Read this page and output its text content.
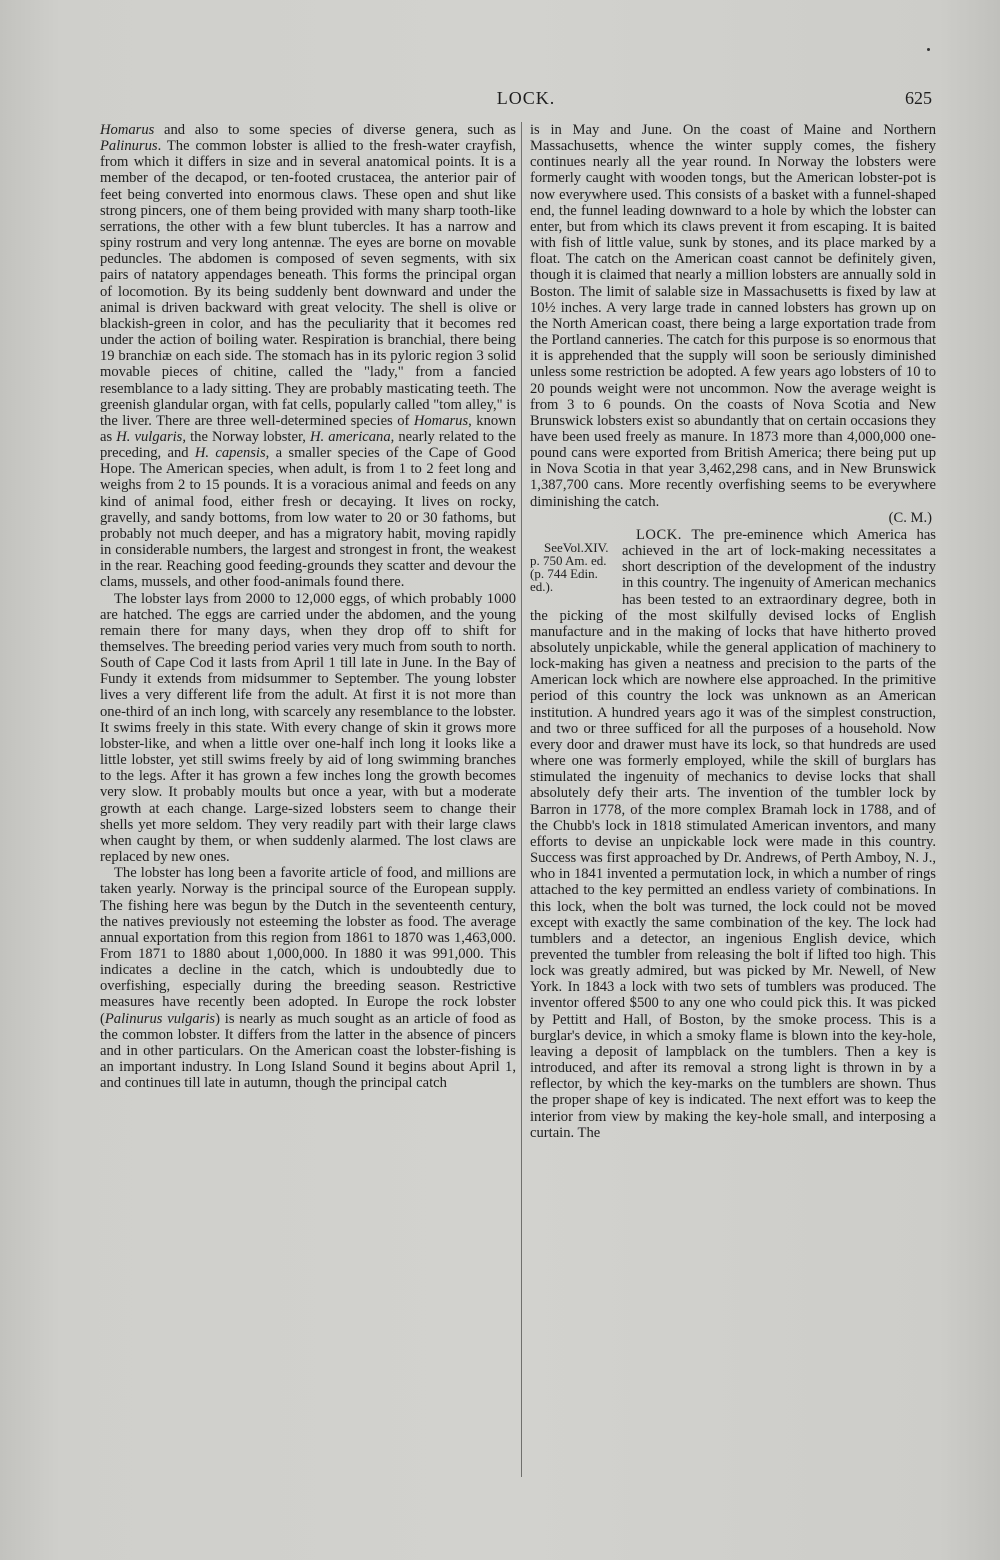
LOCK.	625

Homarus and also to some species of diverse genera, such as Palinurus. The common lobster is allied to the fresh-water crayfish, from which it differs in size and in several anatomical points. It is a member of the decapod, or ten-footed crustacea, the anterior pair of feet being converted into enormous claws. These open and shut like strong pincers, one of them being provided with many sharp tooth-like serrations, the other with a few blunt tubercles. It has a narrow and spiny rostrum and very long antennæ. The eyes are borne on movable peduncles. The abdomen is composed of seven segments, with six pairs of natatory appendages beneath. This forms the principal organ of locomotion. By its being suddenly bent downward and under the animal is driven backward with great velocity. The shell is olive or blackish-green in color, and has the peculiarity that it becomes red under the action of boiling water. Respiration is branchial, there being 19 branchiæ on each side. The stomach has in its pyloric region 3 solid movable pieces of chitine, called the "lady," from a fancied resemblance to a lady sitting. They are probably masticating teeth. The greenish glandular organ, with fat cells, popularly called "tom alley," is the liver. There are three well-determined species of Homarus, known as H. vulgaris, the Norway lobster, H. americana, nearly related to the preceding, and H. capensis, a smaller species of the Cape of Good Hope. The American species, when adult, is from 1 to 2 feet long and weighs from 2 to 15 pounds. It is a voracious animal and feeds on any kind of animal food, either fresh or decaying. It lives on rocky, gravelly, and sandy bottoms, from low water to 20 or 30 fathoms, but probably not much deeper, and has a migratory habit, moving rapidly in considerable numbers, the largest and strongest in front, the weakest in the rear. Reaching good feeding-grounds they scatter and devour the clams, mussels, and other food-animals found there.

The lobster lays from 2000 to 12,000 eggs, of which probably 1000 are hatched. The eggs are carried under the abdomen, and the young remain there for many days, when they drop off to shift for themselves. The breeding period varies very much from south to north. South of Cape Cod it lasts from April 1 till late in June. In the Bay of Fundy it extends from midsummer to September. The young lobster lives a very different life from the adult. At first it is not more than one-third of an inch long, with scarcely any resemblance to the lobster. It swims freely in this state. With every change of skin it grows more lobster-like, and when a little over one-half inch long it looks like a little lobster, yet still swims freely by aid of long swimming branches to the legs. After it has grown a few inches long the growth becomes very slow. It probably moults but once a year, with but a moderate growth at each change. Large-sized lobsters seem to change their shells yet more seldom. They very readily part with their large claws when caught by them, or when suddenly alarmed. The lost claws are replaced by new ones.

The lobster has long been a favorite article of food, and millions are taken yearly. Norway is the principal source of the European supply. The fishing here was begun by the Dutch in the seventeenth century, the natives previously not esteeming the lobster as food. The average annual exportation from this region from 1861 to 1870 was 1,463,000. From 1871 to 1880 about 1,000,000. In 1880 it was 991,000. This indicates a decline in the catch, which is undoubtedly due to overfishing, especially during the breeding season. Restrictive measures have recently been adopted. In Europe the rock lobster (Palinurus vulgaris) is nearly as much sought as an article of food as the common lobster. It differs from the latter in the absence of pincers and in other particulars. On the American coast the lobster-fishing is an important industry. In Long Island Sound it begins about April 1, and continues till late in autumn, though the principal catch

is in May and June. On the coast of Maine and Northern Massachusetts, whence the winter supply comes, the fishery continues nearly all the year round. In Norway the lobsters were formerly caught with wooden tongs, but the American lobster-pot is now everywhere used. This consists of a basket with a funnel-shaped end, the funnel leading downward to a hole by which the lobster can enter, but from which its claws prevent it from escaping. It is baited with fish of little value, sunk by stones, and its place marked by a float. The catch on the American coast cannot be definitely given, though it is claimed that nearly a million lobsters are annually sold in Boston. The limit of salable size in Massachusetts is fixed by law at 10½ inches. A very large trade in canned lobsters has grown up on the North American coast, there being a large exportation trade from the Portland canneries. The catch for this purpose is so enormous that it is apprehended that the supply will soon be seriously diminished unless some restriction be adopted. A few years ago lobsters of 10 to 20 pounds weight were not uncommon. Now the average weight is from 3 to 6 pounds. On the coasts of Nova Scotia and New Brunswick lobsters exist so abundantly that on certain occasions they have been used freely as manure. In 1873 more than 4,000,000 one-pound cans were exported from British America; there being put up in Nova Scotia in that year 3,462,298 cans, and in New Brunswick 1,387,700 cans. More recently overfishing seems to be everywhere diminishing the catch.

(C. M.)

LOCK.
SeeVol.XIV. p. 750 Am. ed. (p. 744 Edin. ed.).
The pre-eminence which America has achieved in the art of lock-making necessitates a short description of the development of the industry in this country. The ingenuity of American mechanics has been tested to an extraordinary degree, both in the picking of the most skilfully devised locks of English manufacture and in the making of locks that have hitherto proved absolutely unpickable, while the general application of machinery to lock-making has given a neatness and precision to the parts of the American lock which are nowhere else approached. In the primitive period of this country the lock was unknown as an American institution. A hundred years ago it was of the simplest construction, and two or three sufficed for all the purposes of a household. Now every door and drawer must have its lock, so that hundreds are used where one was formerly employed, while the skill of burglars has stimulated the ingenuity of mechanics to devise locks that shall absolutely defy their arts. The invention of the tumbler lock by Barron in 1778, of the more complex Bramah lock in 1788, and of the Chubb's lock in 1818 stimulated American inventors, and many efforts to devise an unpickable lock were made in this country. Success was first approached by Dr. Andrews, of Perth Amboy, N. J., who in 1841 invented a permutation lock, in which a number of rings attached to the key permitted an endless variety of combinations. In this lock, when the bolt was turned, the lock could not be moved except with exactly the same combination of the key. The lock had tumblers and a detector, an ingenious English device, which prevented the tumbler from releasing the bolt if lifted too high. This lock was greatly admired, but was picked by Mr. Newell, of New York. In 1843 a lock with two sets of tumblers was produced. The inventor offered $500 to any one who could pick this. It was picked by Pettitt and Hall, of Boston, by the smoke process. This is a burglar's device, in which a smoky flame is blown into the key-hole, leaving a deposit of lampblack on the tumblers. Then a key is introduced, and after its removal a strong light is thrown in by a reflector, by which the key-marks on the tumblers are shown. Thus the proper shape of key is indicated. The next effort was to keep the interior from view by making the key-hole small, and interposing a curtain. The
